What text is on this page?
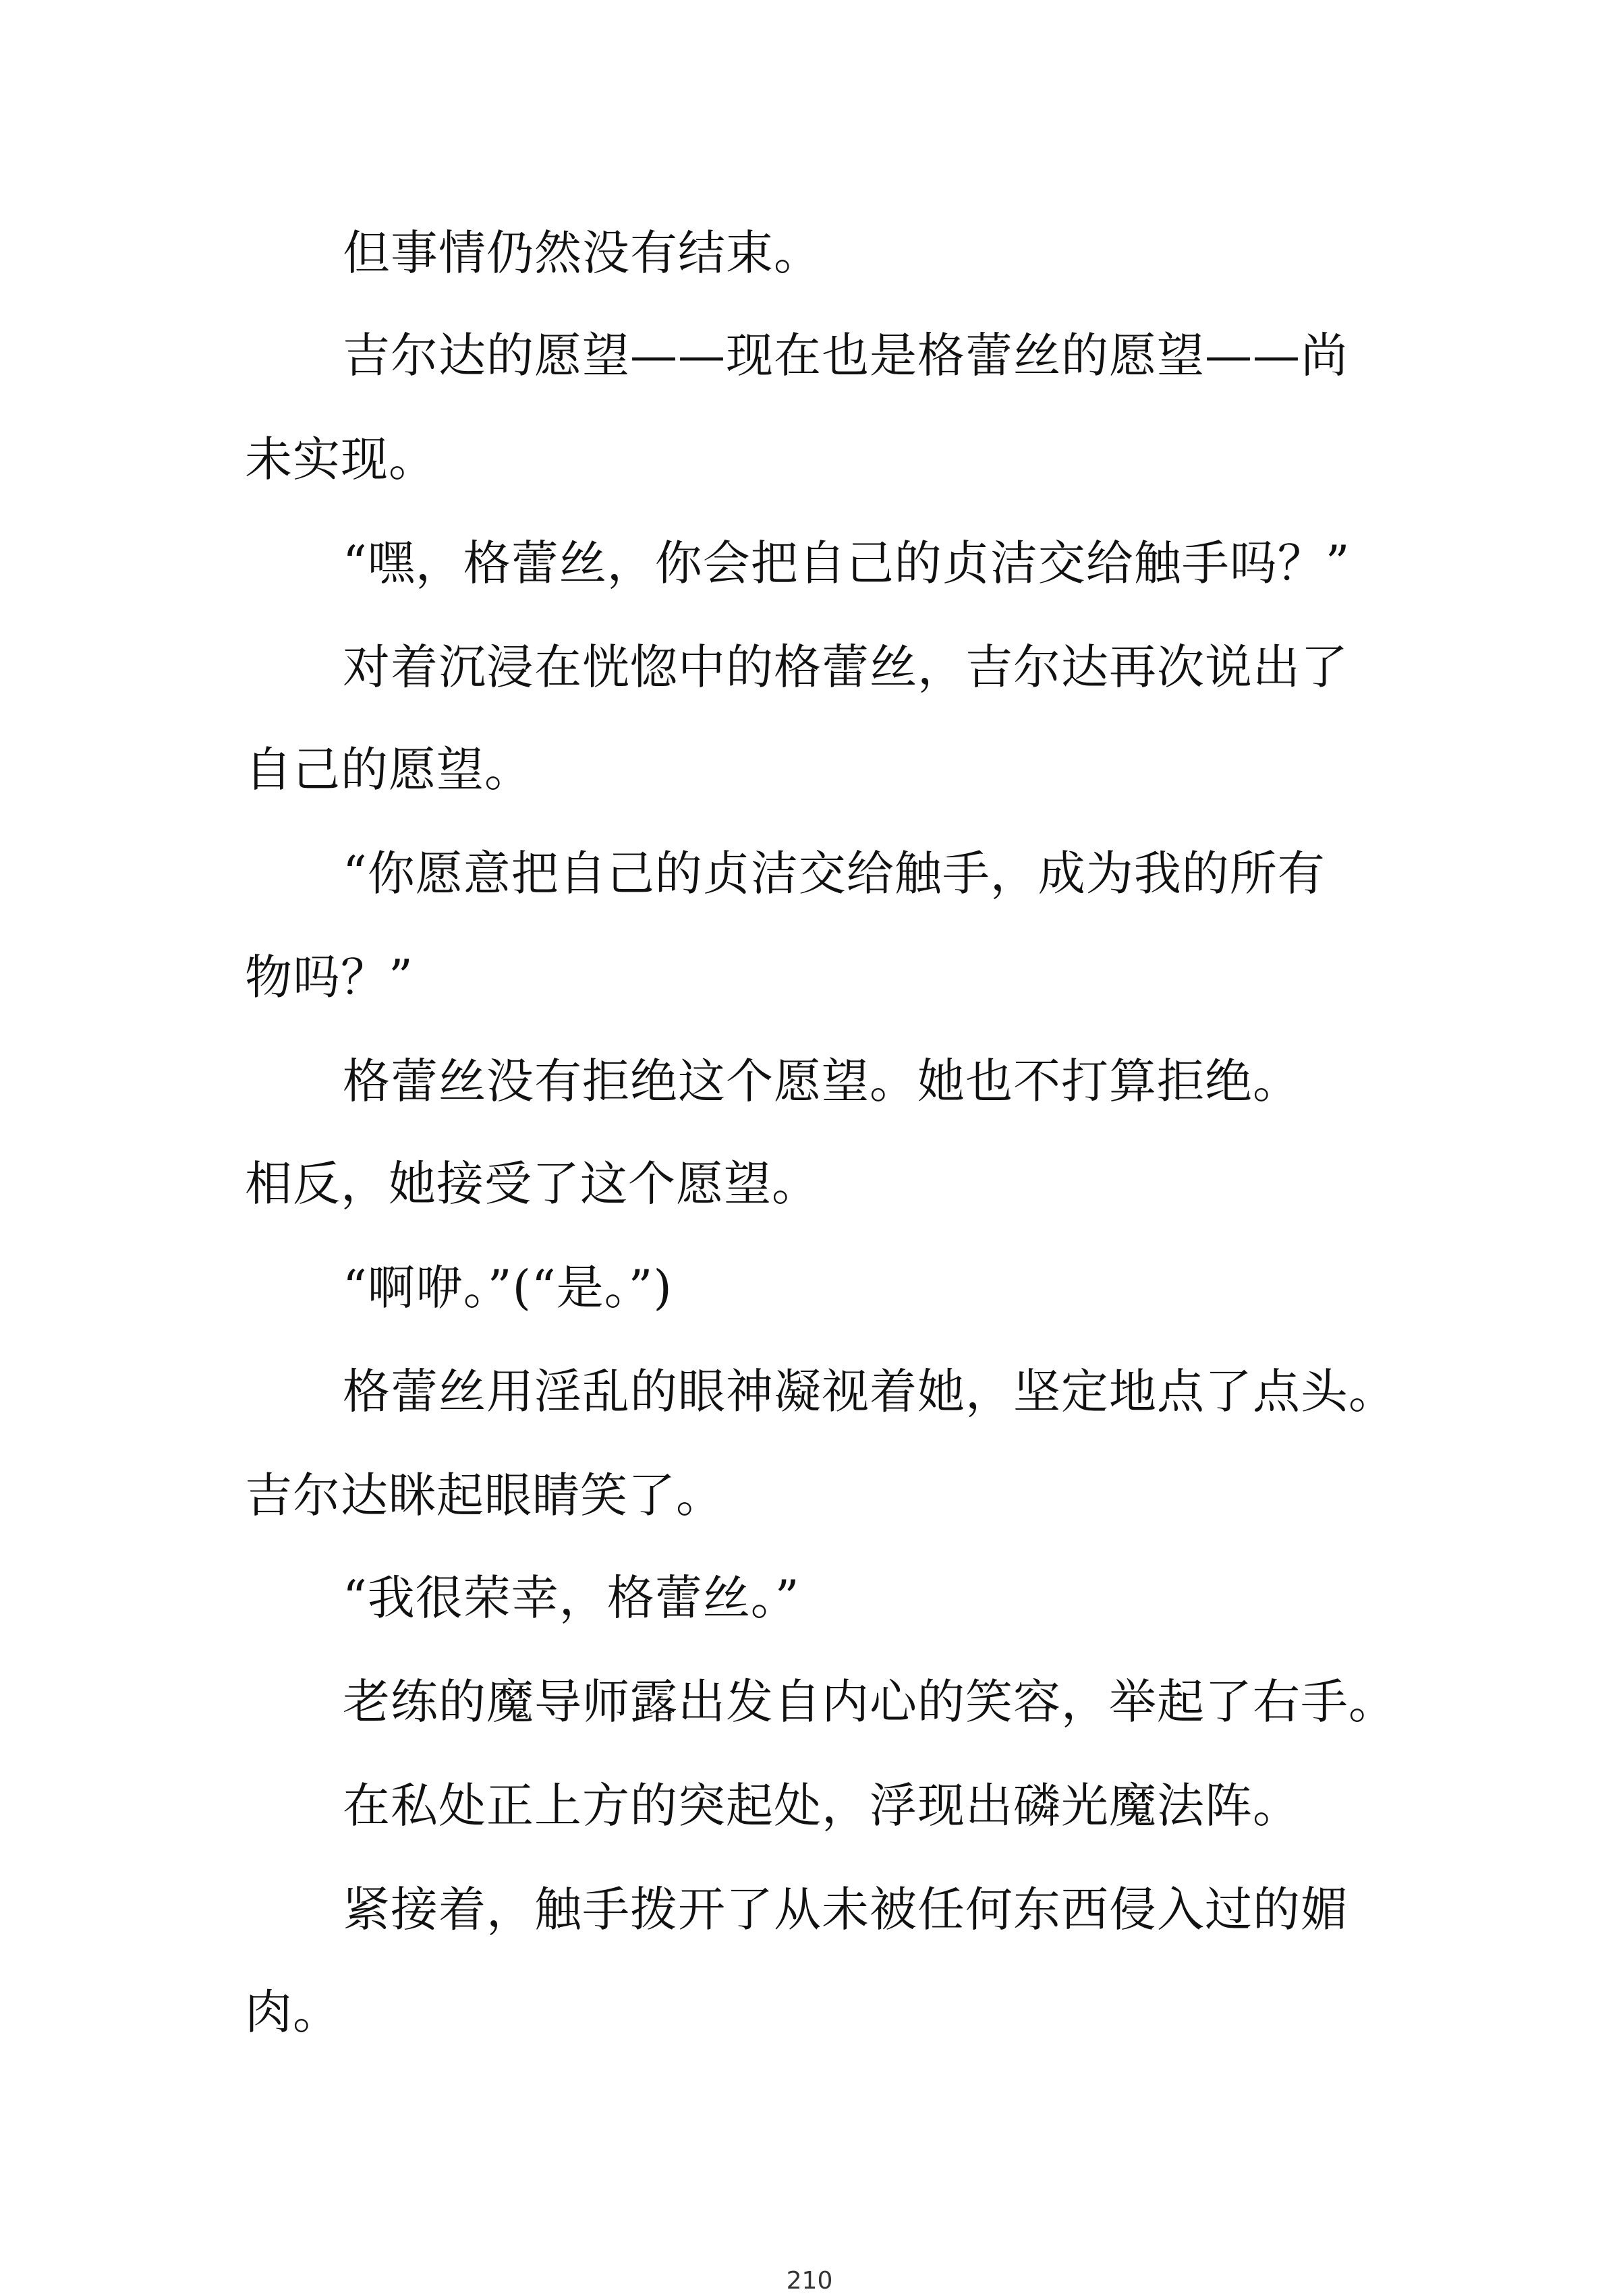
但事情仍然没有结束。
吉尔达的愿望——现在也是格蕾丝的愿望——尚
未实现。
“嘿，格蕾丝，你会把自己的贞洁交给触手吗？”
对着沉浸在恍惚中的格蕾丝，吉尔达再次说出了
自己的愿望。
“你愿意把自己的贞洁交给触手，成为我的所有
物吗？”
格蕾丝没有拒绝这个愿望。她也不打算拒绝。
相反，她接受了这个愿望。
“啊咿。”(“是。”)
格蕾丝用淫乱的眼神凝视着她，坚定地点了点头。
吉尔达眯起眼睛笑了。
“我很荣幸，格蕾丝。”
老练的魔导师露出发自内心的笑容，举起了右手。
在私处正上方的突起处，浮现出磷光魔法阵。
紧接着，触手拨开了从未被任何东西侵入过的媚
肉。
210
